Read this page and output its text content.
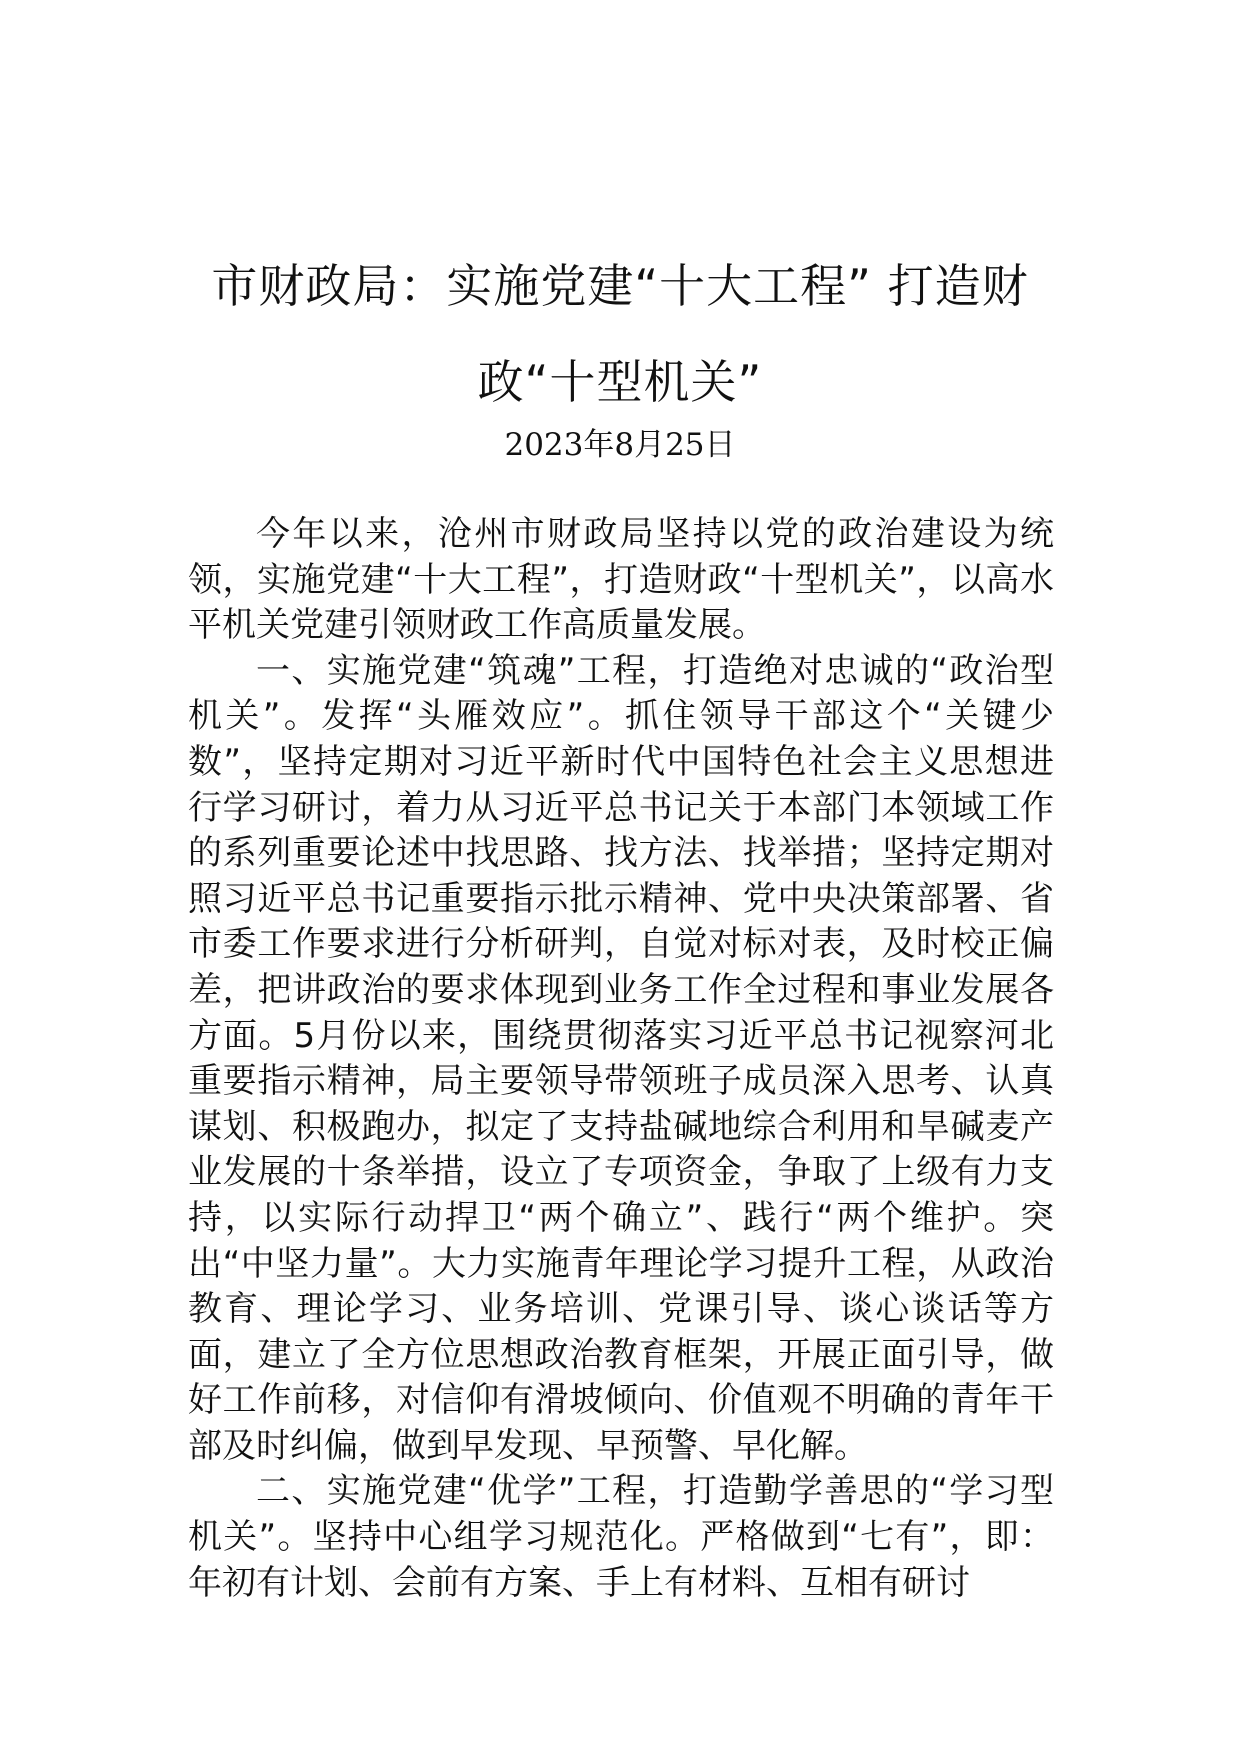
市财政局：实施党建“十大工程” 打造财政“十型机关”
2023年8月25日

今年以来，沧州市财政局坚持以党的政治建设为统领，实施党建“十大工程”，打造财政“十型机关”，以高水平机关党建引领财政工作高质量发展。

一、实施党建“筑魂”工程，打造绝对忠诚的“政治型机关”。发挥“头雁效应”。抓住领导干部这个“关键少数”，坚持定期对习近平新时代中国特色社会主义思想进行学习研讨，着力从习近平总书记关于本部门本领域工作的系列重要论述中找思路、找方法、找举措；坚持定期对照习近平总书记重要指示批示精神、党中央决策部署、省市委工作要求进行分析研判，自觉对标对表，及时校正偏差，把讲政治的要求体现到业务工作全过程和事业发展各方面。5月份以来，围绕贯彻落实习近平总书记视察河北重要指示精神，局主要领导带领班子成员深入思考、认真谋划、积极跑办，拟定了支持盐碱地综合利用和旱碱麦产业发展的十条举措，设立了专项资金，争取了上级有力支持，以实际行动捍卫“两个确立”、践行“两个维护。突出“中坚力量”。大力实施青年理论学习提升工程，从政治教育、理论学习、业务培训、党课引导、谈心谈话等方面，建立了全方位思想政治教育框架，开展正面引导，做好工作前移，对信仰有滑坡倾向、价值观不明确的青年干部及时纠偏，做到早发现、早预警、早化解。

二、实施党建“优学”工程，打造勤学善思的“学习型机关”。坚持中心组学习规范化。严格做到“七有”，即：年初有计划、会前有方案、手上有材料、互相有研讨
